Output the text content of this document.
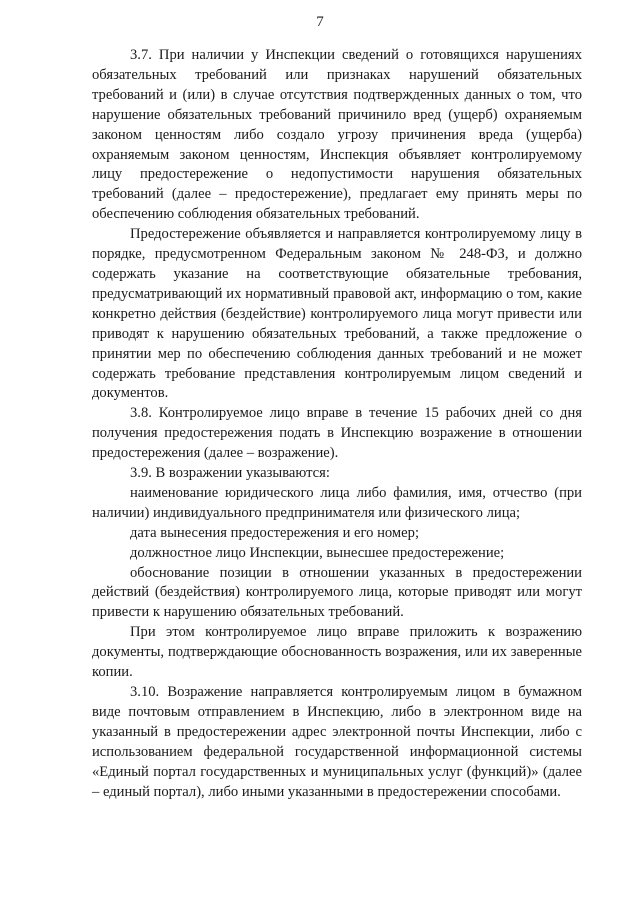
7

3.7. При наличии у Инспекции сведений о готовящихся нарушениях обязательных требований или признаках нарушений обязательных требований и (или) в случае отсутствия подтвержденных данных о том, что нарушение обязательных требований причинило вред (ущерб) охраняемым законом ценностям либо создало угрозу причинения вреда (ущерба) охраняемым законом ценностям, Инспекция объявляет контролируемому лицу предостережение о недопустимости нарушения обязательных требований (далее – предостережение), предлагает ему принять меры по обеспечению соблюдения обязательных требований.

Предостережение объявляется и направляется контролируемому лицу в порядке, предусмотренном Федеральным законом № 248-ФЗ, и должно содержать указание на соответствующие обязательные требования, предусматривающий их нормативный правовой акт, информацию о том, какие конкретно действия (бездействие) контролируемого лица могут привести или приводят к нарушению обязательных требований, а также предложение о принятии мер по обеспечению соблюдения данных требований и не может содержать требование представления контролируемым лицом сведений и документов.

3.8. Контролируемое лицо вправе в течение 15 рабочих дней со дня получения предостережения подать в Инспекцию возражение в отношении предостережения (далее – возражение).

3.9. В возражении указываются:

наименование юридического лица либо фамилия, имя, отчество (при наличии) индивидуального предпринимателя или физического лица;

дата вынесения предостережения и его номер;

должностное лицо Инспекции, вынесшее предостережение;

обоснование позиции в отношении указанных в предостережении действий (бездействия) контролируемого лица, которые приводят или могут привести к нарушению обязательных требований.

При этом контролируемое лицо вправе приложить к возражению документы, подтверждающие обоснованность возражения, или их заверенные копии.

3.10. Возражение направляется контролируемым лицом в бумажном виде почтовым отправлением в Инспекцию, либо в электронном виде на указанный в предостережении адрес электронной почты Инспекции, либо с использованием федеральной государственной информационной системы «Единый портал государственных и муниципальных услуг (функций)» (далее – единый портал), либо иными указанными в предостережении способами.
